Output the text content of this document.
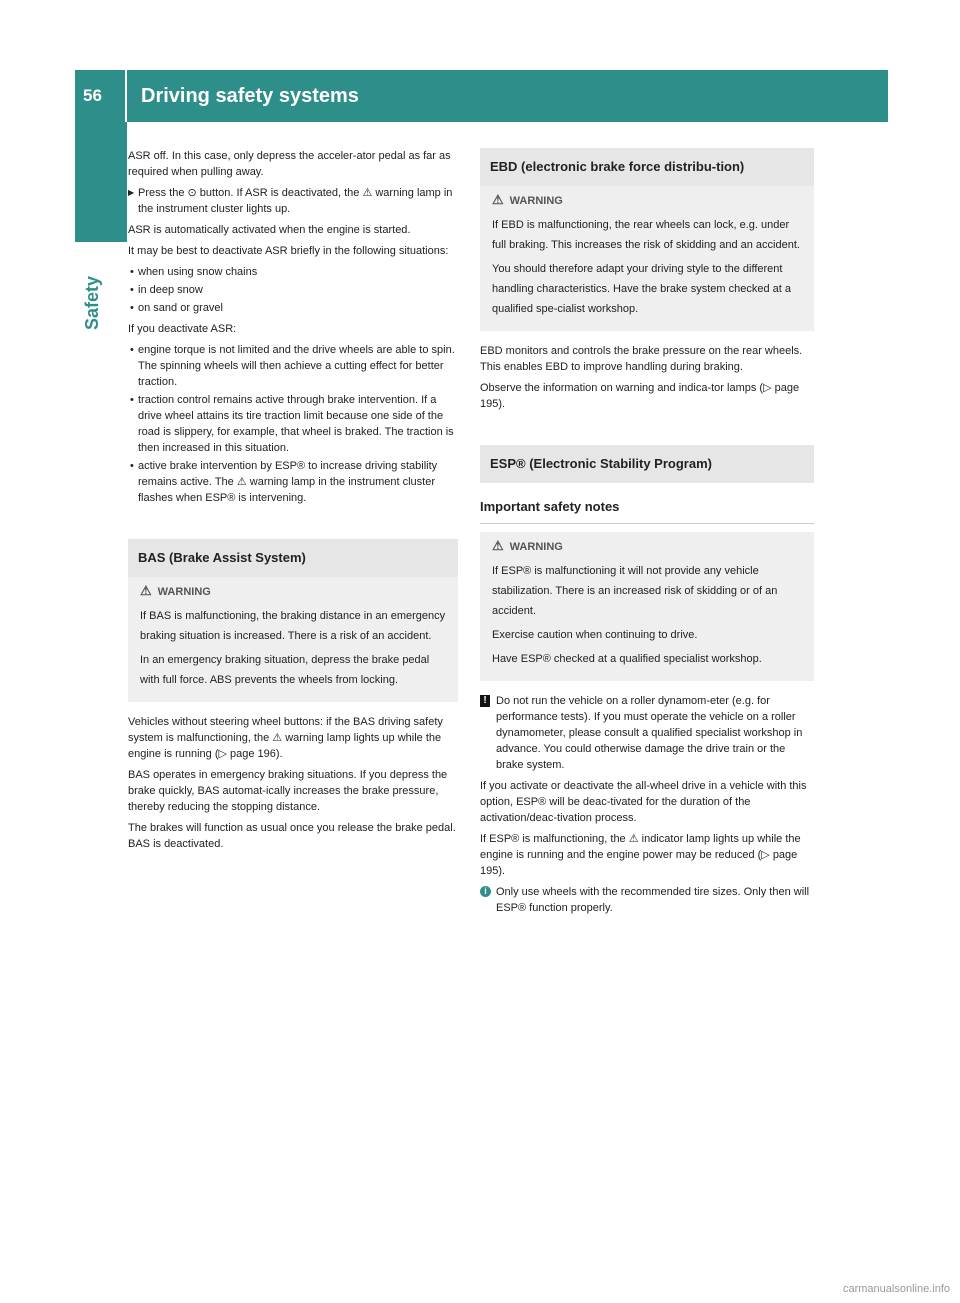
56 Driving safety systems
Safety

ASR off. In this case, only depress the acceler-ator pedal as far as required when pulling away.

▶ Press the ⊙ button. If ASR is deactivated, the ⚠ warning lamp in the instrument cluster lights up.

ASR is automatically activated when the engine is started.

It may be best to deactivate ASR briefly in the following situations:

• when using snow chains
• in deep snow
• on sand or gravel

If you deactivate ASR:

• engine torque is not limited and the drive wheels are able to spin. The spinning wheels will then achieve a cutting effect for better traction.
• traction control remains active through brake intervention. If a drive wheel attains its tire traction limit because one side of the road is slippery, for example, that wheel is braked. The traction is then increased in this situation.
• active brake intervention by ESP® to increase driving stability remains active. The ⚠ warning lamp in the instrument cluster flashes when ESP® is intervening.
BAS (Brake Assist System)
⚠ WARNING

If BAS is malfunctioning, the braking distance in an emergency braking situation is increased. There is a risk of an accident.

In an emergency braking situation, depress the brake pedal with full force. ABS prevents the wheels from locking.

Vehicles without steering wheel buttons: if the BAS driving safety system is malfunctioning, the ⚠ warning lamp lights up while the engine is running (▷ page 196).

BAS operates in emergency braking situations. If you depress the brake quickly, BAS automat-ically increases the brake pressure, thereby reducing the stopping distance.

The brakes will function as usual once you release the brake pedal. BAS is deactivated.

EBD (electronic brake force distribu-tion)
⚠ WARNING

If EBD is malfunctioning, the rear wheels can lock, e.g. under full braking. This increases the risk of skidding and an accident.

You should therefore adapt your driving style to the different handling characteristics. Have the brake system checked at a qualified spe-cialist workshop.

EBD monitors and controls the brake pressure on the rear wheels. This enables EBD to improve handling during braking.

Observe the information on warning and indica-tor lamps (▷ page 195).

ESP® (Electronic Stability Program)
Important safety notes
⚠ WARNING

If ESP® is malfunctioning it will not provide any vehicle stabilization. There is an increased risk of skidding or of an accident.

Exercise caution when continuing to drive.

Have ESP® checked at a qualified specialist workshop.

! Do not run the vehicle on a roller dynamom-eter (e.g. for performance tests). If you must operate the vehicle on a roller dynamometer, please consult a qualified specialist workshop in advance. You could otherwise damage the drive train or the brake system.

If you activate or deactivate the all-wheel drive in a vehicle with this option, ESP® will be deac-tivated for the duration of the activation/deac-tivation process.

If ESP® is malfunctioning, the ⚠ indicator lamp lights up while the engine is running and the engine power may be reduced (▷ page 195).

i Only use wheels with the recommended tire sizes. Only then will ESP® function properly.
carmanualsonline.info
